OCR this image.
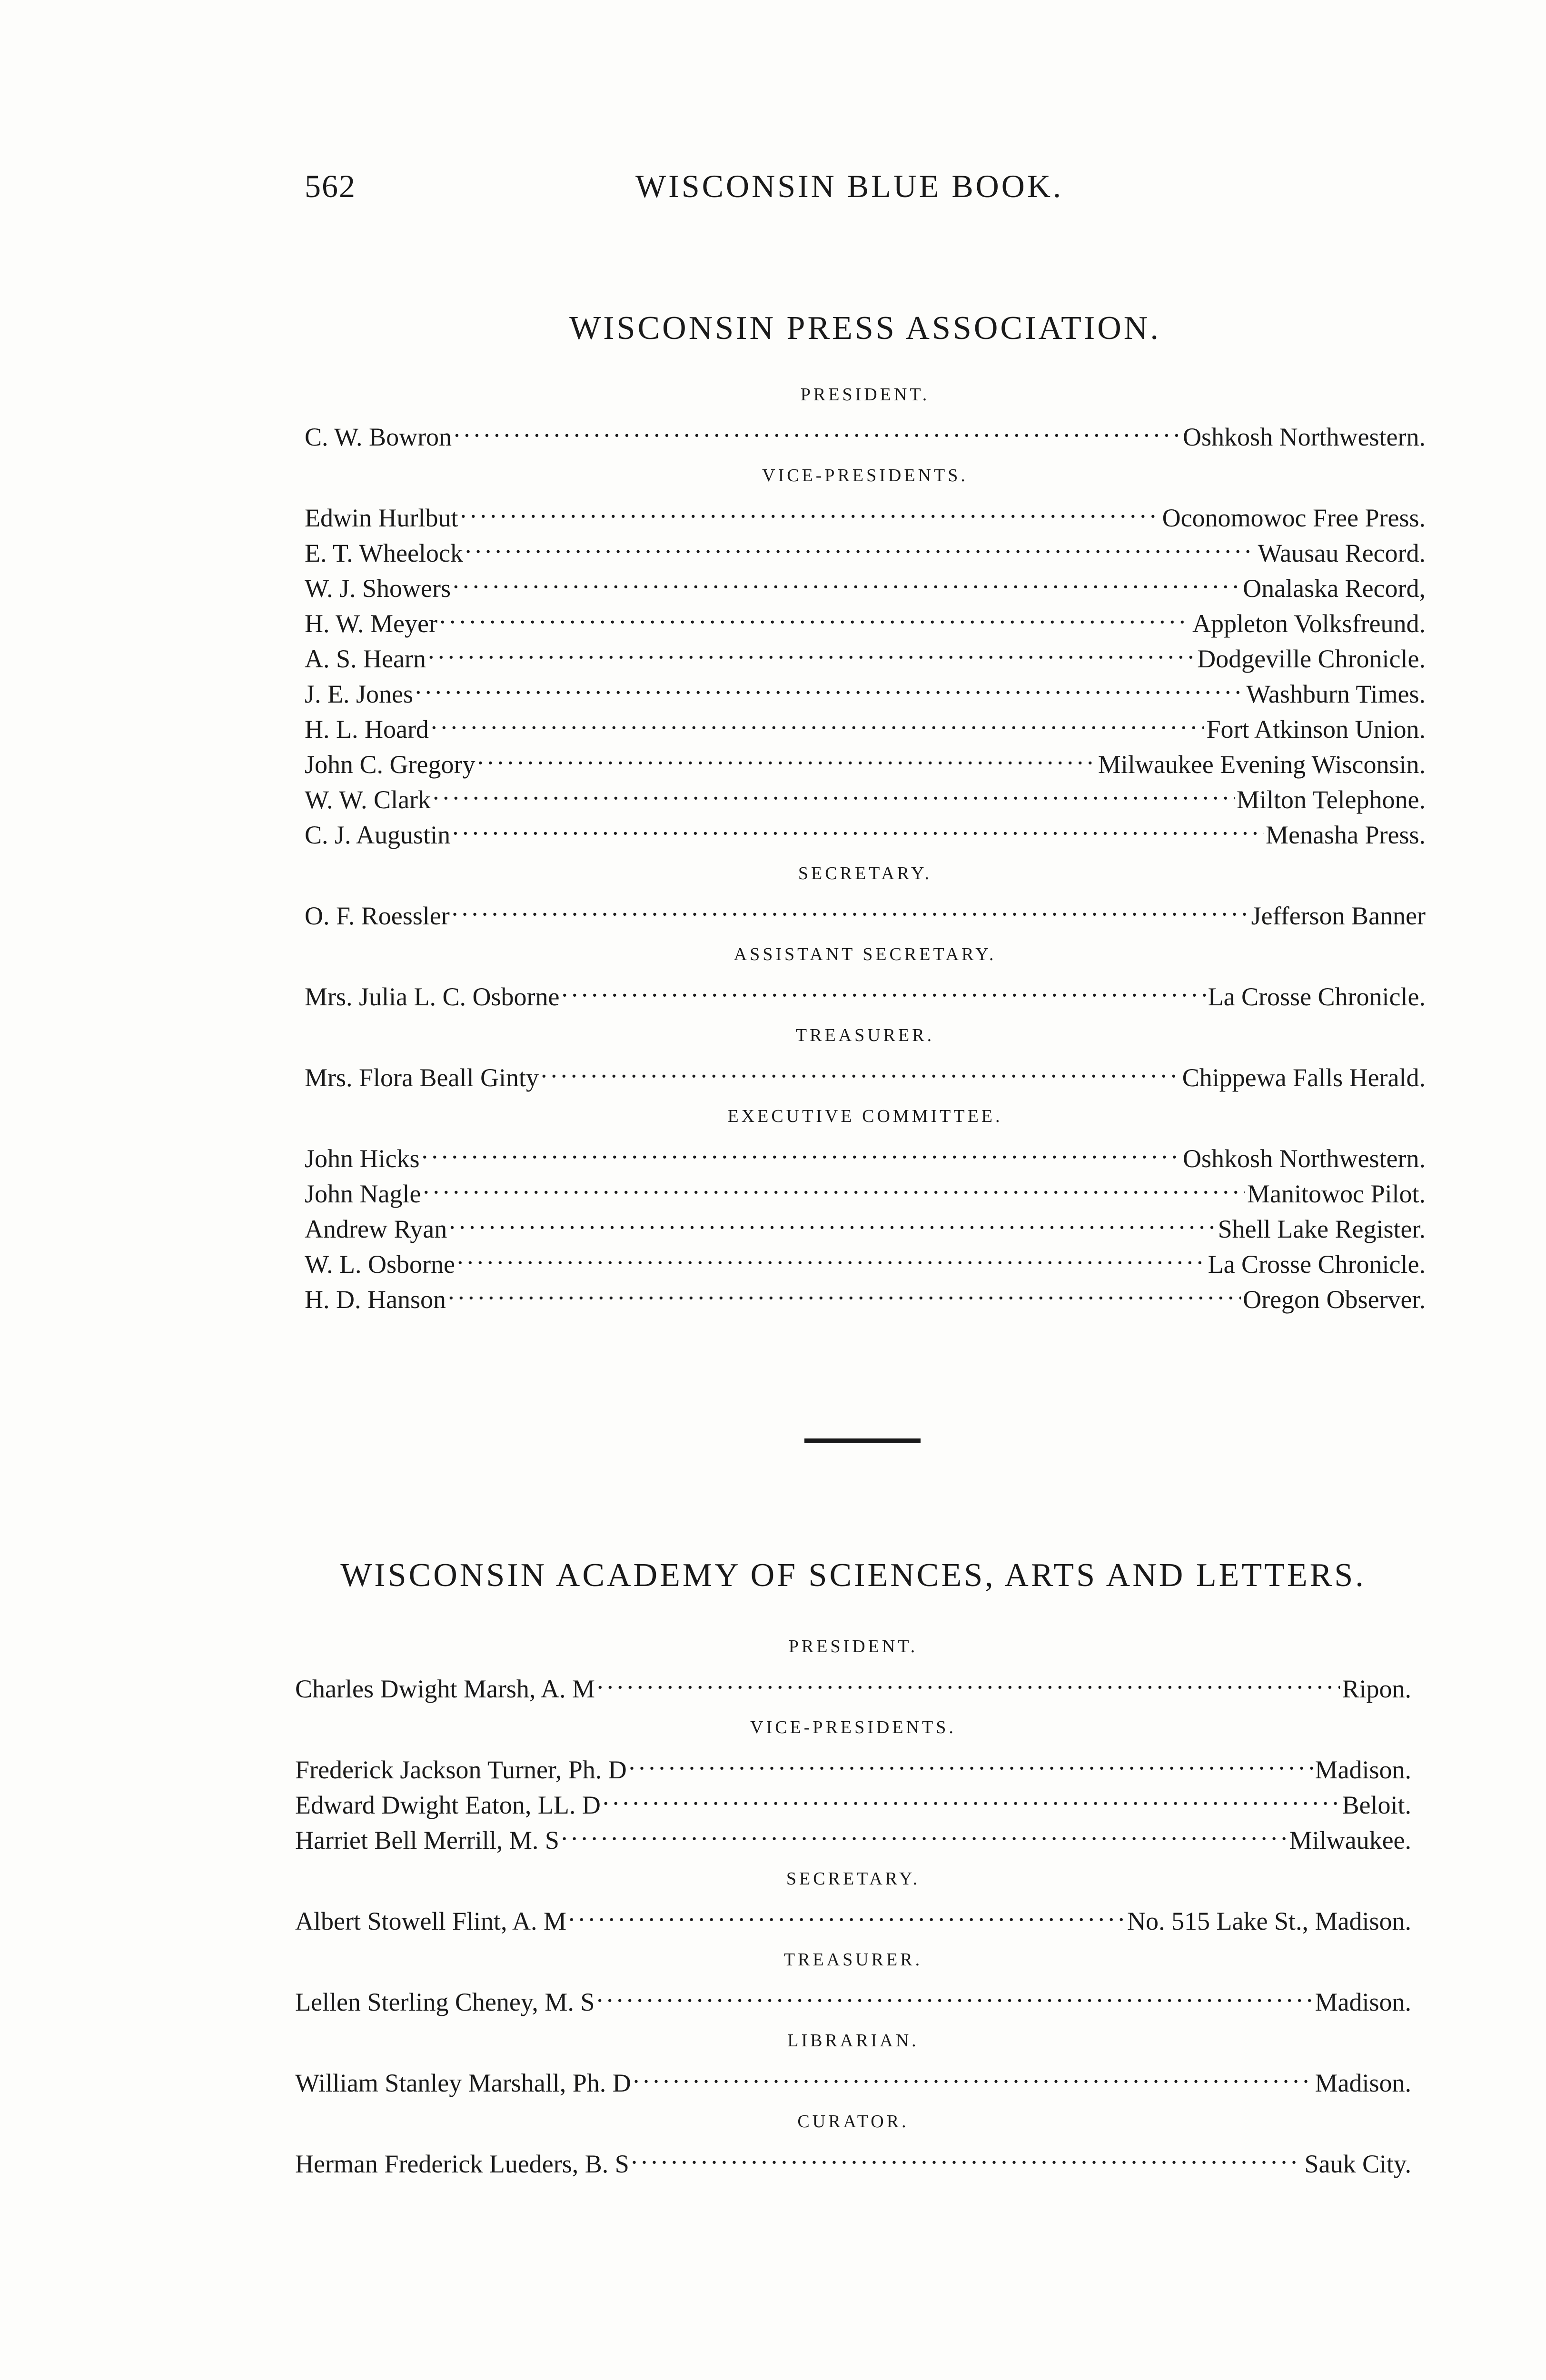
562	WISCONSIN BLUE BOOK.
WISCONSIN PRESS ASSOCIATION.
PRESIDENT.
C. W. Bowron . . .	Oshkosh Northwestern.
VICE-PRESIDENTS.
Edwin Hurlbut . . .	Oconomowoc Free Press.
E. T. Wheelock . . .	Wausau Record.
W. J. Showers . . .	Onalaska Record,
H. W. Meyer . . .	Appleton Volksfreund.
A. S. Hearn . . .	Dodgeville Chronicle.
J. E. Jones . . .	Washburn Times.
H. L. Hoard . . .	Fort Atkinson Union.
John C. Gregory . . .	Milwaukee Evening Wisconsin.
W. W. Clark . . .	Milton Telephone.
C. J. Augustin . . .	Menasha Press.
SECRETARY.
O. F. Roessler . . .	Jefferson Banner
ASSISTANT SECRETARY.
Mrs. Julia L. C. Osborne . . .	La Crosse Chronicle.
TREASURER.
Mrs. Flora Beall Ginty . . .	Chippewa Falls Herald.
EXECUTIVE COMMITTEE.
John Hicks . . .	Oshkosh Northwestern.
John Nagle . . .	Manitowoc Pilot.
Andrew Ryan . . .	Shell Lake Register.
W. L. Osborne . . .	La Crosse Chronicle.
H. D. Hanson . . .	Oregon Observer.
WISCONSIN ACADEMY OF SCIENCES, ARTS AND LETTERS.
PRESIDENT.
Charles Dwight Marsh, A. M . . .	Ripon.
VICE-PRESIDENTS.
Frederick Jackson Turner, Ph. D . . .	Madison.
Edward Dwight Eaton, LL. D . . .	Beloit.
Harriet Bell Merrill, M. S . . .	Milwaukee.
SECRETARY.
Albert Stowell Flint, A. M . . .	No. 515 Lake St., Madison.
TREASURER.
Lellen Sterling Cheney, M. S . . .	Madison.
LIBRARIAN.
William Stanley Marshall, Ph. D . . .	Madison.
CURATOR.
Herman Frederick Lueders, B. S . . .	Sauk City.
